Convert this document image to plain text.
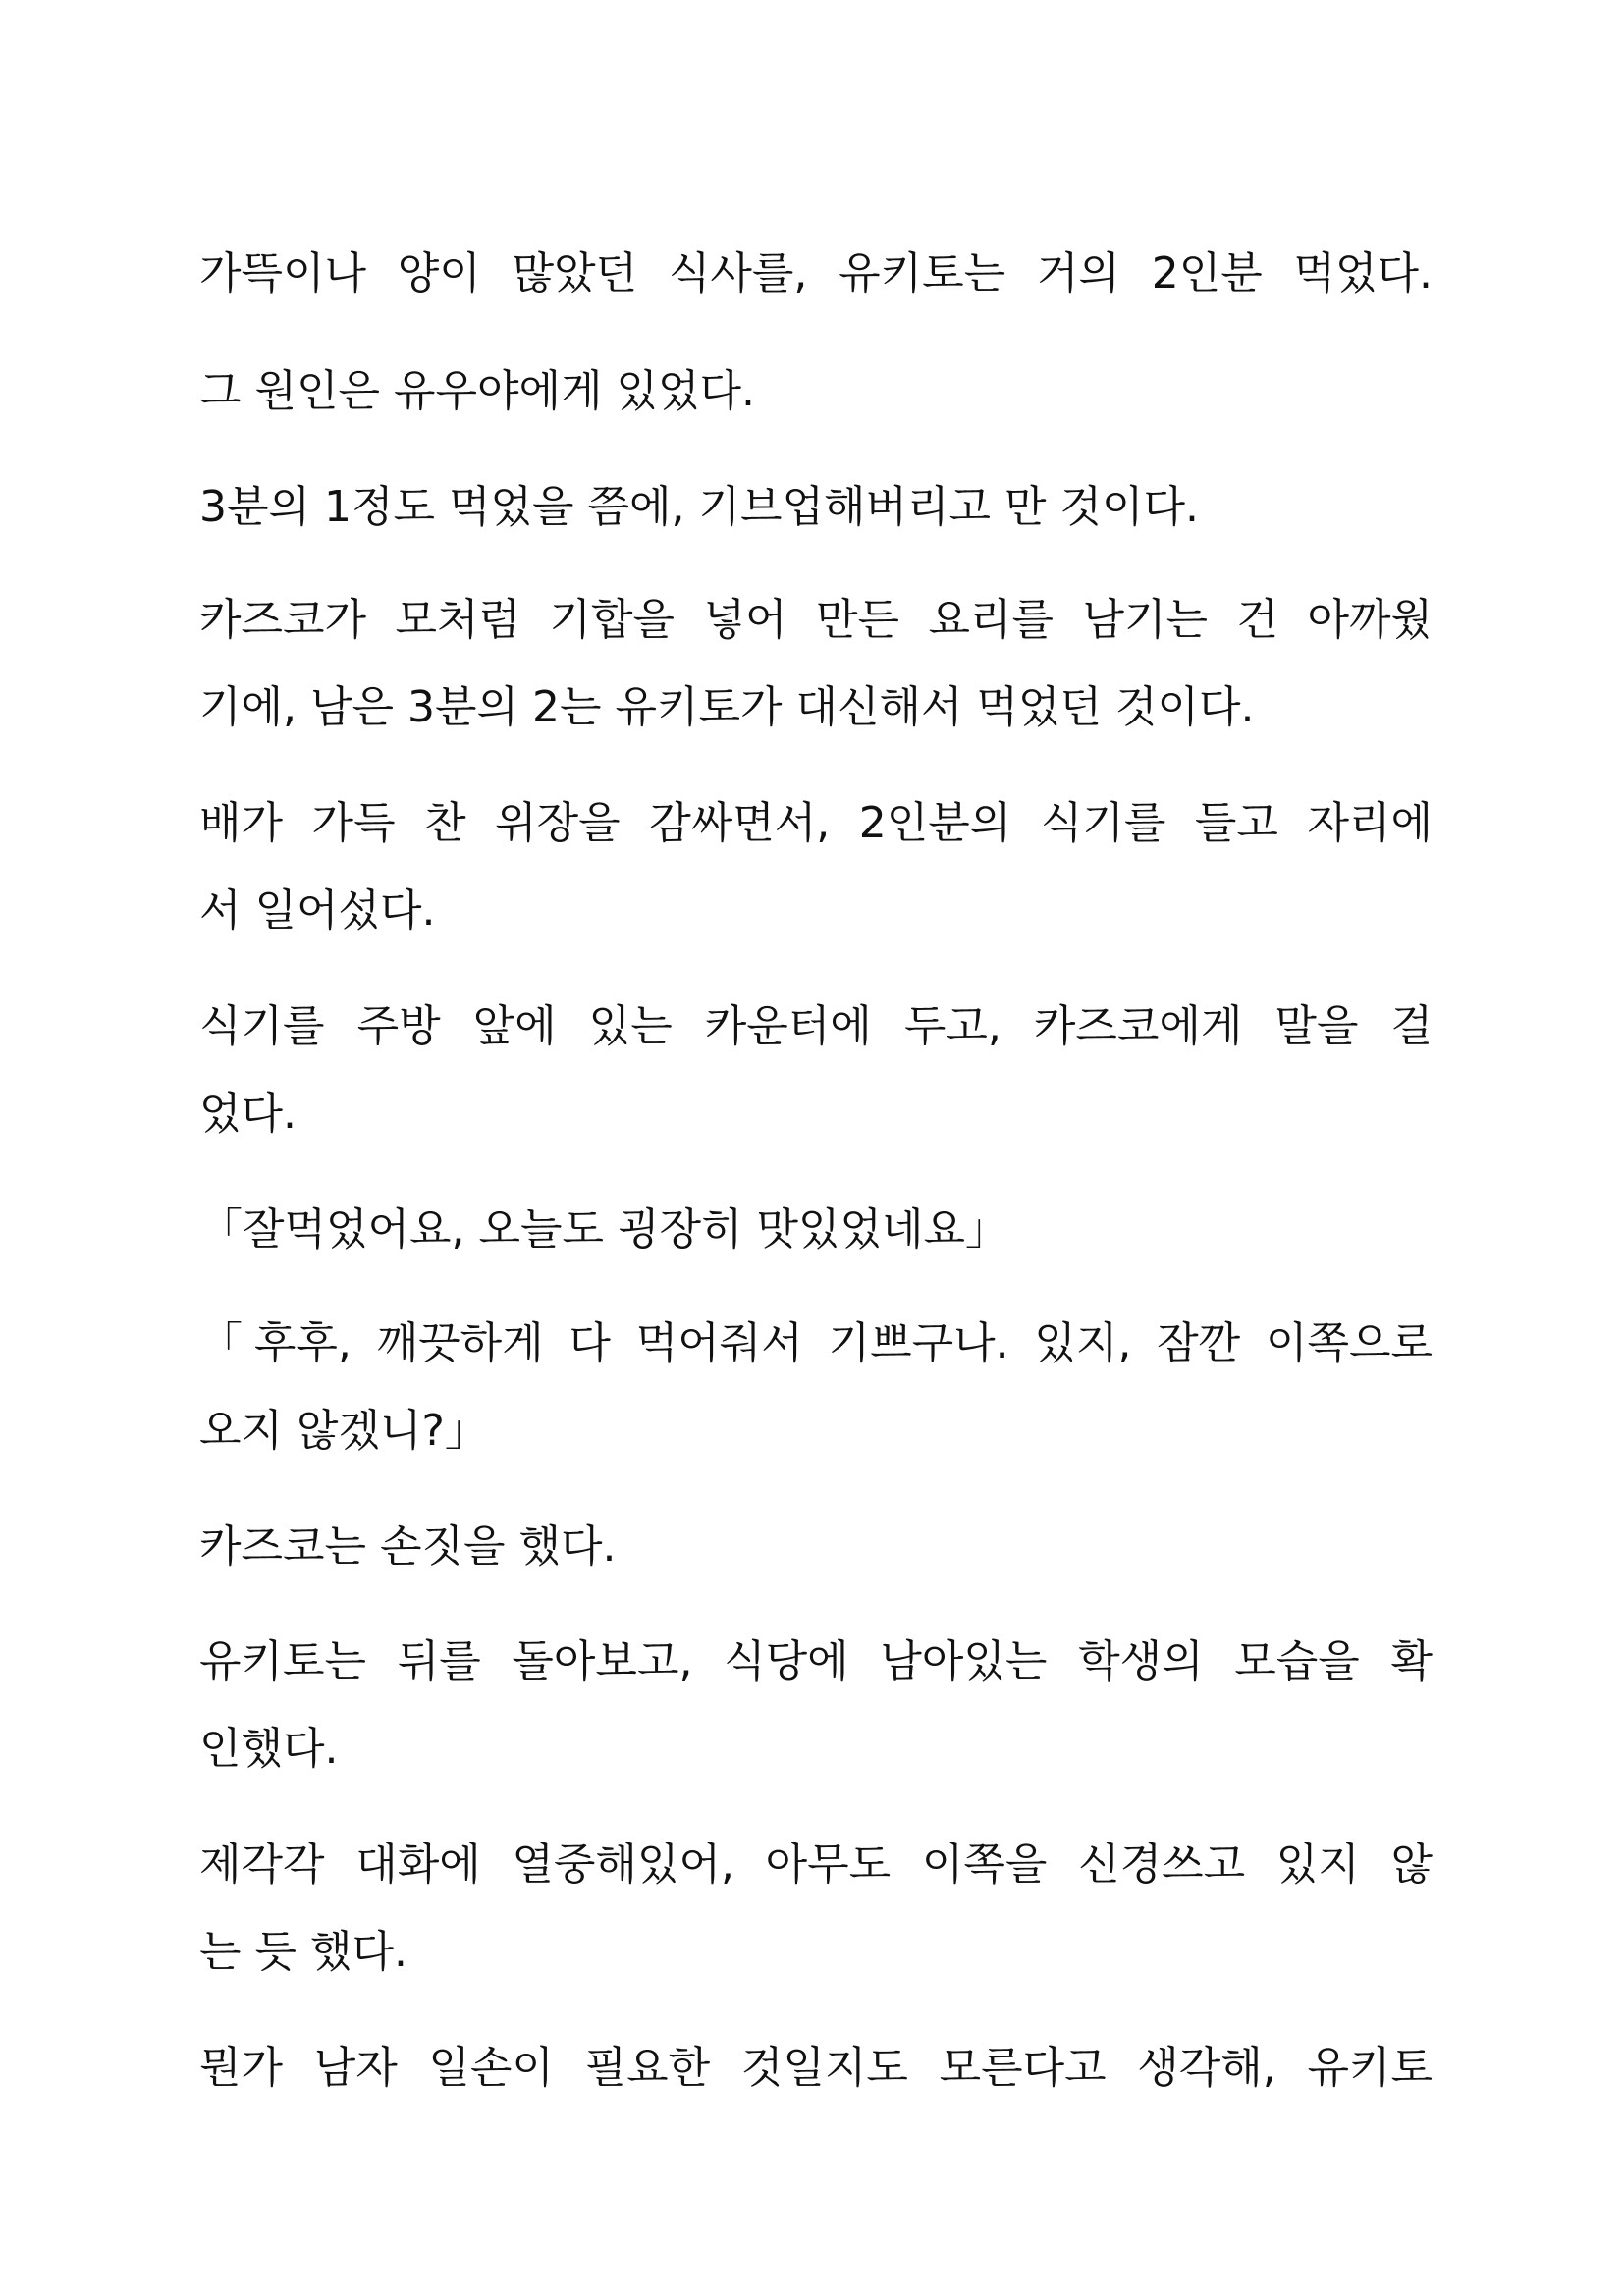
가뜩이나 양이 많았던 식사를, 유키토는 거의 2인분 먹었다.
그 원인은 유우야에게 있었다.
3분의 1정도 먹었을 쯤에, 기브업해버리고 만 것이다.
카즈코가 모처럼 기합을 넣어 만든 요리를 남기는 건 아까웠
기에, 남은 3분의 2는 유키토가 대신해서 먹었던 것이다.
배가 가득 찬 위장을 감싸면서, 2인분의 식기를 들고 자리에
서 일어섰다.
식기를 주방 앞에 있는 카운터에 두고, 카즈코에게 말을 걸
었다.
「잘먹었어요, 오늘도 굉장히 맛있었네요」
「후후, 깨끗하게 다 먹어줘서 기쁘구나. 있지, 잠깐 이쪽으로
오지 않겠니?」
카즈코는 손짓을 했다.
유키토는 뒤를 돌아보고, 식당에 남아있는 학생의 모습을 확
인했다.
제각각 대화에 열중해있어, 아무도 이쪽을 신경쓰고 있지 않
는 듯 했다.
뭔가 남자 일손이 필요한 것일지도 모른다고 생각해, 유키토
